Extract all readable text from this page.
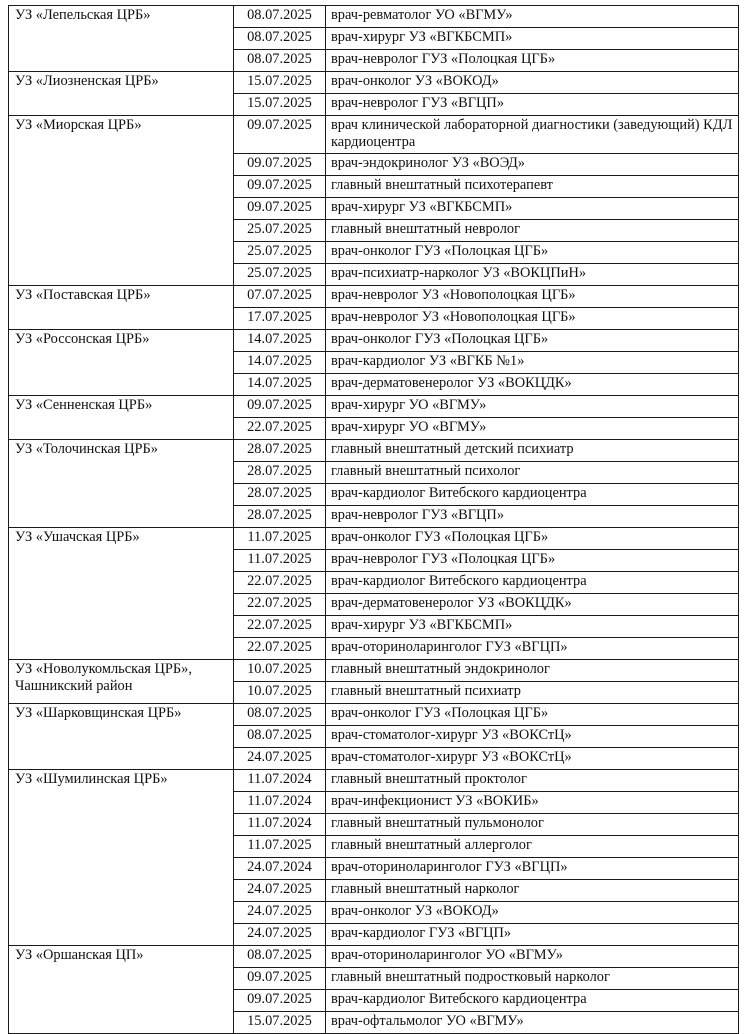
УЗ «Лепельская ЦРБ»	08.07.2025	врач-ревматолог УО «ВГМУ»
	08.07.2025	врач-хирург УЗ «ВГКБСМП»
	08.07.2025	врач-невролог ГУЗ «Полоцкая ЦГБ»
УЗ «Лиозненская ЦРБ»	15.07.2025	врач-онколог УЗ «ВОКОД»
	15.07.2025	врач-невролог ГУЗ «ВГЦП»
УЗ «Миорская ЦРБ»	09.07.2025	врач клинической лабораторной диагностики (заведующий) КДЛ кардиоцентра
	09.07.2025	врач-эндокринолог УЗ «ВОЭД»
	09.07.2025	главный внештатный психотерапевт
	09.07.2025	врач-хирург УЗ «ВГКБСМП»
	25.07.2025	главный внештатный невролог
	25.07.2025	врач-онколог ГУЗ «Полоцкая ЦГБ»
	25.07.2025	врач-психиатр-нарколог УЗ «ВОКЦПиН»
УЗ «Поставская ЦРБ»	07.07.2025	врач-невролог УЗ «Новополоцкая ЦГБ»
	17.07.2025	врач-невролог УЗ «Новополоцкая ЦГБ»
УЗ «Россонская ЦРБ»	14.07.2025	врач-онколог ГУЗ «Полоцкая ЦГБ»
	14.07.2025	врач-кардиолог УЗ «ВГКБ №1»
	14.07.2025	врач-дерматовенеролог УЗ «ВОКЦДК»
УЗ «Сенненская ЦРБ»	09.07.2025	врач-хирург УО «ВГМУ»
	22.07.2025	врач-хирург УО «ВГМУ»
УЗ «Толочинская ЦРБ»	28.07.2025	главный внештатный детский психиатр
	28.07.2025	главный внештатный психолог
	28.07.2025	врач-кардиолог Витебского кардиоцентра
	28.07.2025	врач-невролог ГУЗ «ВГЦП»
УЗ «Ушачская ЦРБ»	11.07.2025	врач-онколог ГУЗ «Полоцкая ЦГБ»
	11.07.2025	врач-невролог ГУЗ «Полоцкая ЦГБ»
	22.07.2025	врач-кардиолог Витебского кардиоцентра
	22.07.2025	врач-дерматовенеролог УЗ «ВОКЦДК»
	22.07.2025	врач-хирург УЗ «ВГКБСМП»
	22.07.2025	врач-оториноларинголог ГУЗ «ВГЦП»
УЗ «Новолукомльская ЦРБ», Чашникский район	10.07.2025	главный внештатный эндокринолог
	10.07.2025	главный внештатный психиатр
УЗ «Шарковщинская ЦРБ»	08.07.2025	врач-онколог ГУЗ «Полоцкая ЦГБ»
	08.07.2025	врач-стоматолог-хирург УЗ «ВОКСтЦ»
	24.07.2025	врач-стоматолог-хирург УЗ «ВОКСтЦ»
УЗ «Шумилинская ЦРБ»	11.07.2024	главный внештатный проктолог
	11.07.2024	врач-инфекционист УЗ «ВОКИБ»
	11.07.2024	главный внештатный пульмонолог
	11.07.2025	главный внештатный аллерголог
	24.07.2024	врач-оториноларинголог ГУЗ «ВГЦП»
	24.07.2025	главный внештатный нарколог
	24.07.2025	врач-онколог УЗ «ВОКОД»
	24.07.2025	врач-кардиолог ГУЗ «ВГЦП»
УЗ «Оршанская ЦП»	08.07.2025	врач-оториноларинголог УО «ВГМУ»
	09.07.2025	главный внештатный подростковый нарколог
	09.07.2025	врач-кардиолог Витебского кардиоцентра
	15.07.2025	врач-офтальмолог УО «ВГМУ»
